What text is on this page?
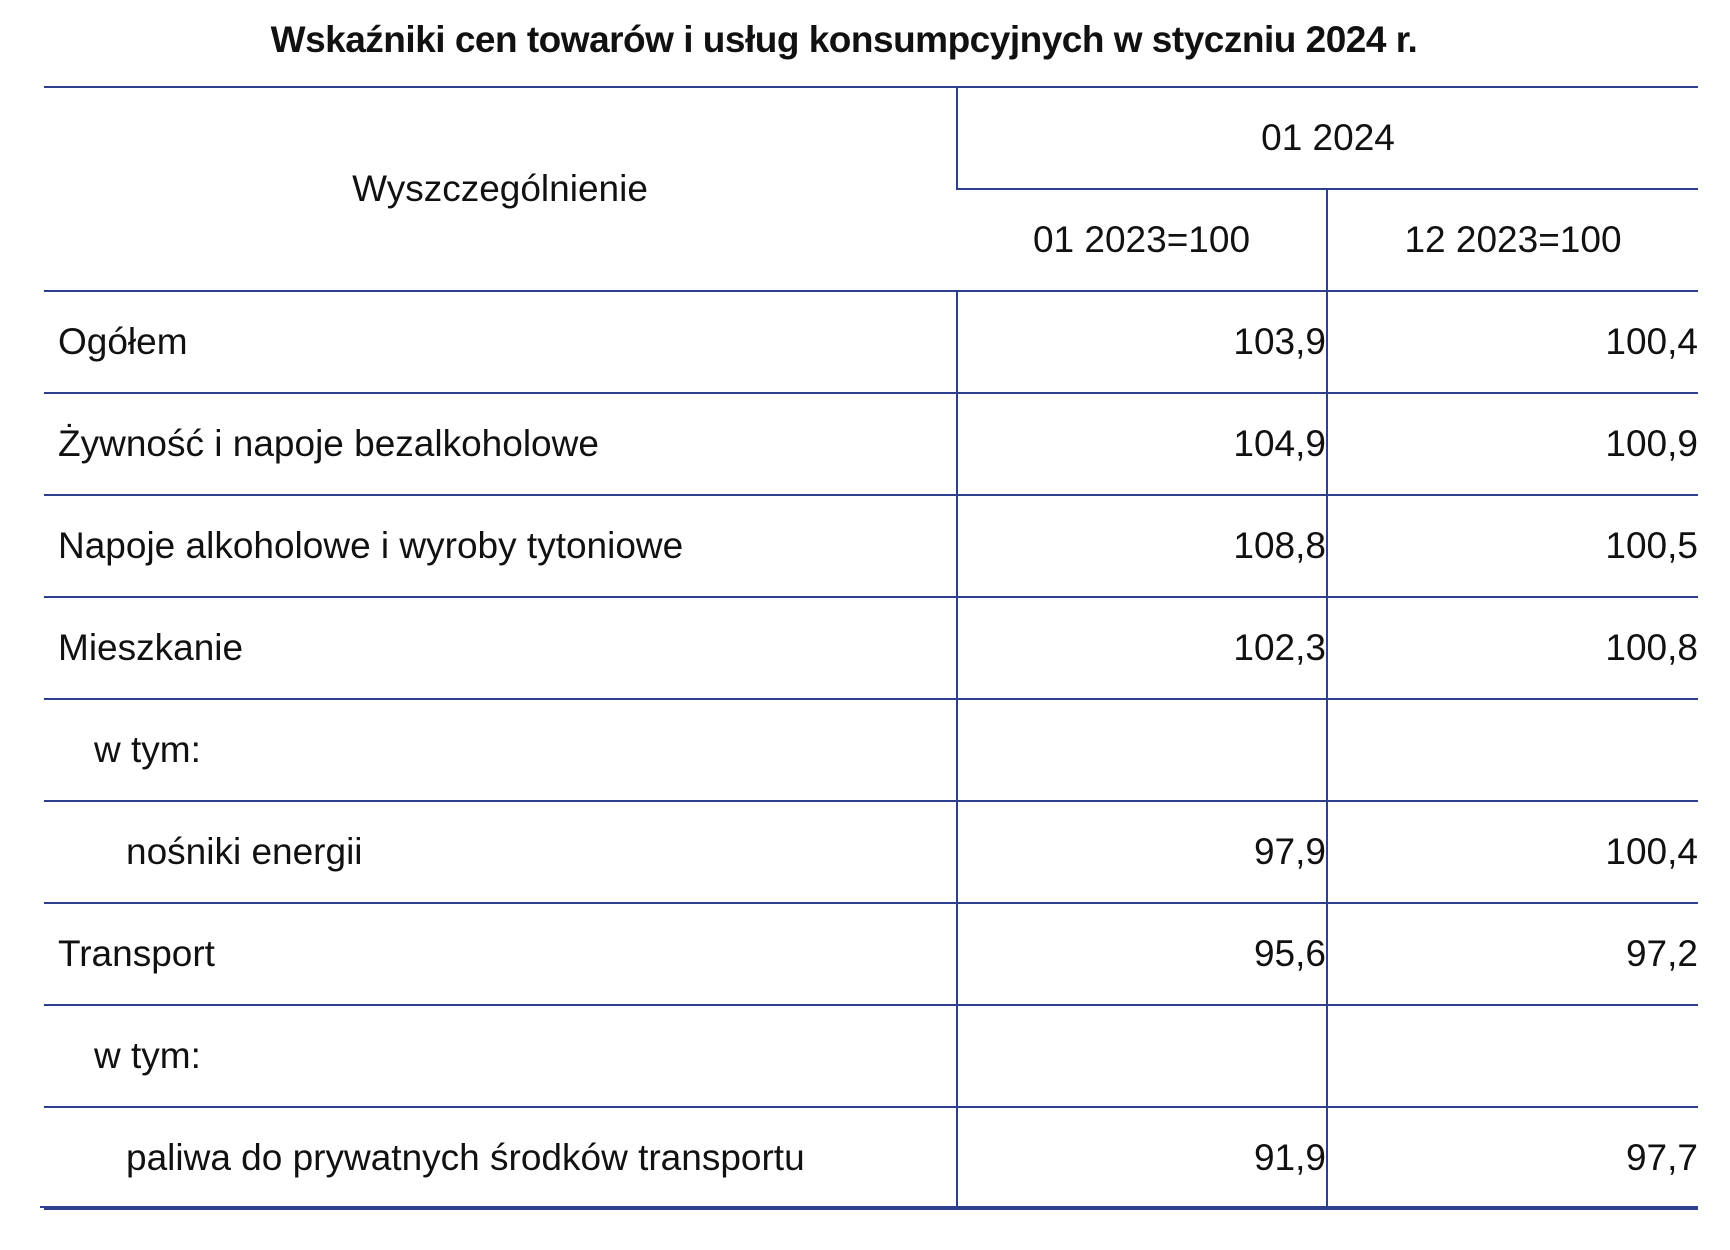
Wskaźniki cen towarów i usług konsumpcyjnych w styczniu 2024 r.
Wyszczególnienie	01 2024	
	01 2023=100	12 2023=100
Ogółem	103,9	100,4
Żywność i napoje bezalkoholowe	104,9	100,9
Napoje alkoholowe i wyroby tytoniowe	108,8	100,5
Mieszkanie	102,3	100,8
w tym:		
nośniki energii	97,9	100,4
Transport	95,6	97,2
w tym:		
paliwa do prywatnych środków transportu	91,9	97,7
